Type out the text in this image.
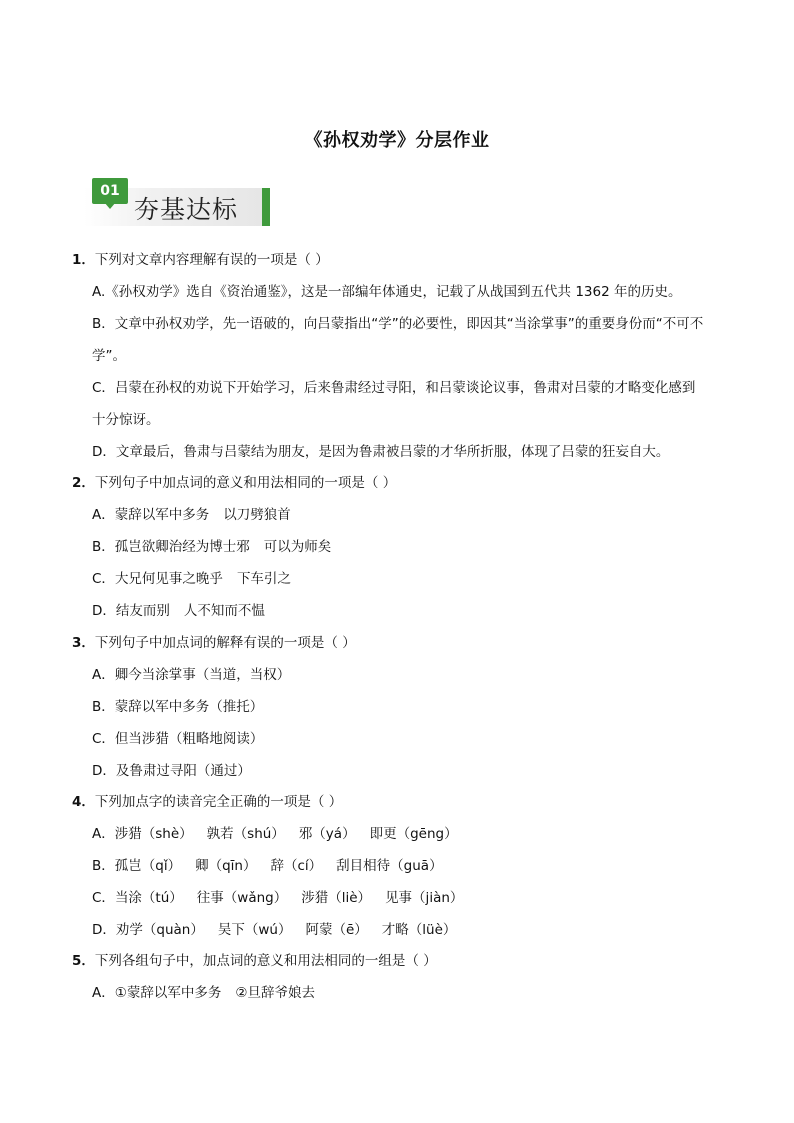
《孙权劝学》分层作业
01
夯基达标
1．下列对文章内容理解有误的一项是（ ）
A.《孙权劝学》选自《资治通鉴》，这是一部编年体通史，记载了从战国到五代共 1362 年的历史。
B．文章中孙权劝学，先一语破的，向吕蒙指出“学”的必要性，即因其“当涂掌事”的重要身份而“不可不
学”。
C．吕蒙在孙权的劝说下开始学习，后来鲁肃经过寻阳，和吕蒙谈论议事，鲁肃对吕蒙的才略变化感到
十分惊讶。
D．文章最后，鲁肃与吕蒙结为朋友，是因为鲁肃被吕蒙的才华所折服，体现了吕蒙的狂妄自大。
2．下列句子中加点词的意义和用法相同的一项是（ ）
A．蒙辞以军中多务 以刀劈狼首
B．孤岂欲卿治经为博士邪 可以为师矣
C．大兄何见事之晚乎 下车引之
D．结友而别 人不知而不愠
3．下列句子中加点词的解释有误的一项是（ ）
A．卿今当涂掌事（当道，当权）
B．蒙辞以军中多务（推托）
C．但当涉猎（粗略地阅读）
D．及鲁肃过寻阳（通过）
4．下列加点字的读音完全正确的一项是（ ）
A．涉猎（shè） 孰若（shú） 邪（yá） 即更（gēng）
B．孤岂（qǐ） 卿（qīn） 辞（cí） 刮目相待（guā）
C．当涂（tú） 往事（wǎng） 涉猎（liè） 见事（jiàn）
D．劝学（quàn） 吴下（wú） 阿蒙（ē） 才略（lüè）
5．下列各组句子中，加点词的意义和用法相同的一组是（ ）
A．①蒙辞以军中多务 ②旦辞爷娘去
